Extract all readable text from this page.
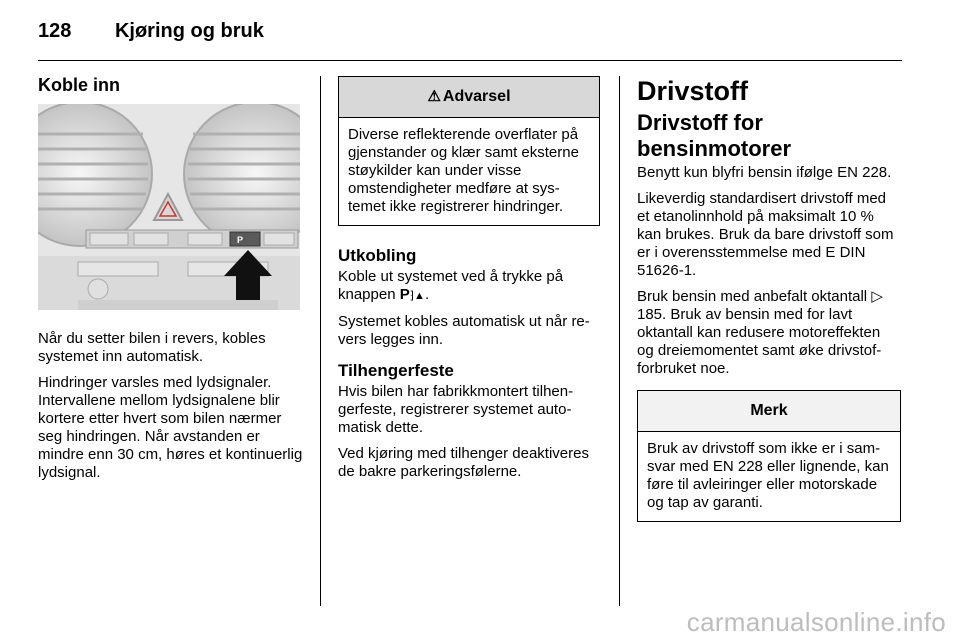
128 Kjøring og bruk
Koble inn
P

Når du setter bilen i revers, kobles systemet inn automatisk.

Hindringer varsles med lydsignaler. Intervallene mellom lydsignalene blir kortere etter hvert som bilen nærmer seg hindringen. Når avstanden er mindre enn 30 cm, høres et kontinuerlig lydsignal.

⚠ Advarsel
Diverse reflekterende overflater på gjenstander og klær samt eksterne støykilder kan under visse omstendigheter medføre at systemet ikke registrerer hindringer.
Utkobling

Koble ut systemet ved å trykke på knappen P⁆▲.

Systemet kobles automatisk ut når revers legges inn.

Tilhengerfeste

Hvis bilen har fabrikkmontert tilhengerfeste, registrerer systemet automatisk dette.

Ved kjøring med tilhenger deaktiveres de bakre parkeringsfølerne.

Drivstoff
Drivstoff for bensinmotorer

Benytt kun blyfri bensin ifølge EN 228.

Likeverdig standardisert drivstoff med et etanolinnhold på maksimalt 10 % kan brukes. Bruk da bare drivstoff som er i overensstemmelse med E DIN 51626-1.

Bruk bensin med anbefalt oktantall ▷ 185. Bruk av bensin med for lavt oktantall kan redusere motoreffekten og dreiemomentet samt øke drivstofforbruket noe.

Merk
Bruk av drivstoff som ikke er i samsvar med EN 228 eller lignende, kan føre til avleiringer eller motorskade og tap av garanti.
carmanualsonline.info
